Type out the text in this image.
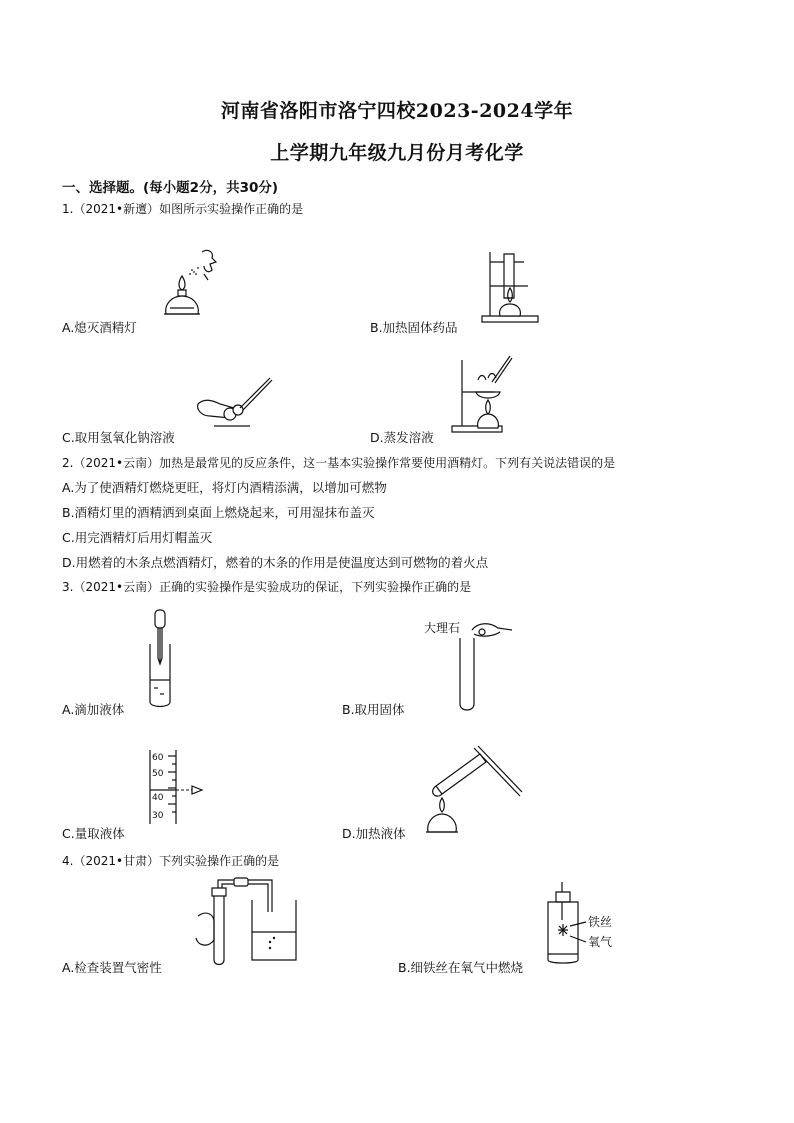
河南省洛阳市洛宁四校2023-2024学年
上学期九年级九月份月考化学
一、选择题。(每小题2分，共30分)
1.（2021•新邅）如图所示实验操作正确的是
A.熄灭酒精灯	B.加热固体药品
C.取用氢氧化钠溶液	D.蒸发溶液
2.（2021•云南）加热是最常见的反应条件，这一基本实验操作常要使用酒精灯。下列有关说法错误的是
A.为了使酒精灯燃烧更旺，将灯内酒精添满，以增加可燃物
B.酒精灯里的酒精洒到桌面上燃烧起来，可用湿抹布盖灭
C.用完酒精灯后用灯帽盖灭
D.用燃着的木条点燃酒精灯，燃着的木条的作用是使温度达到可燃物的着火点
3.（2021•云南）正确的实验操作是实验成功的保证，下列实验操作正确的是
A.滴加液体
大理石
B.取用固体
60
50
40
30
C.量取液体	D.加热液体
4.（2021•甘肃）下列实验操作正确的是
A.检查装置气密性
铁丝
氧气
B.细铁丝在氧气中燃烧
